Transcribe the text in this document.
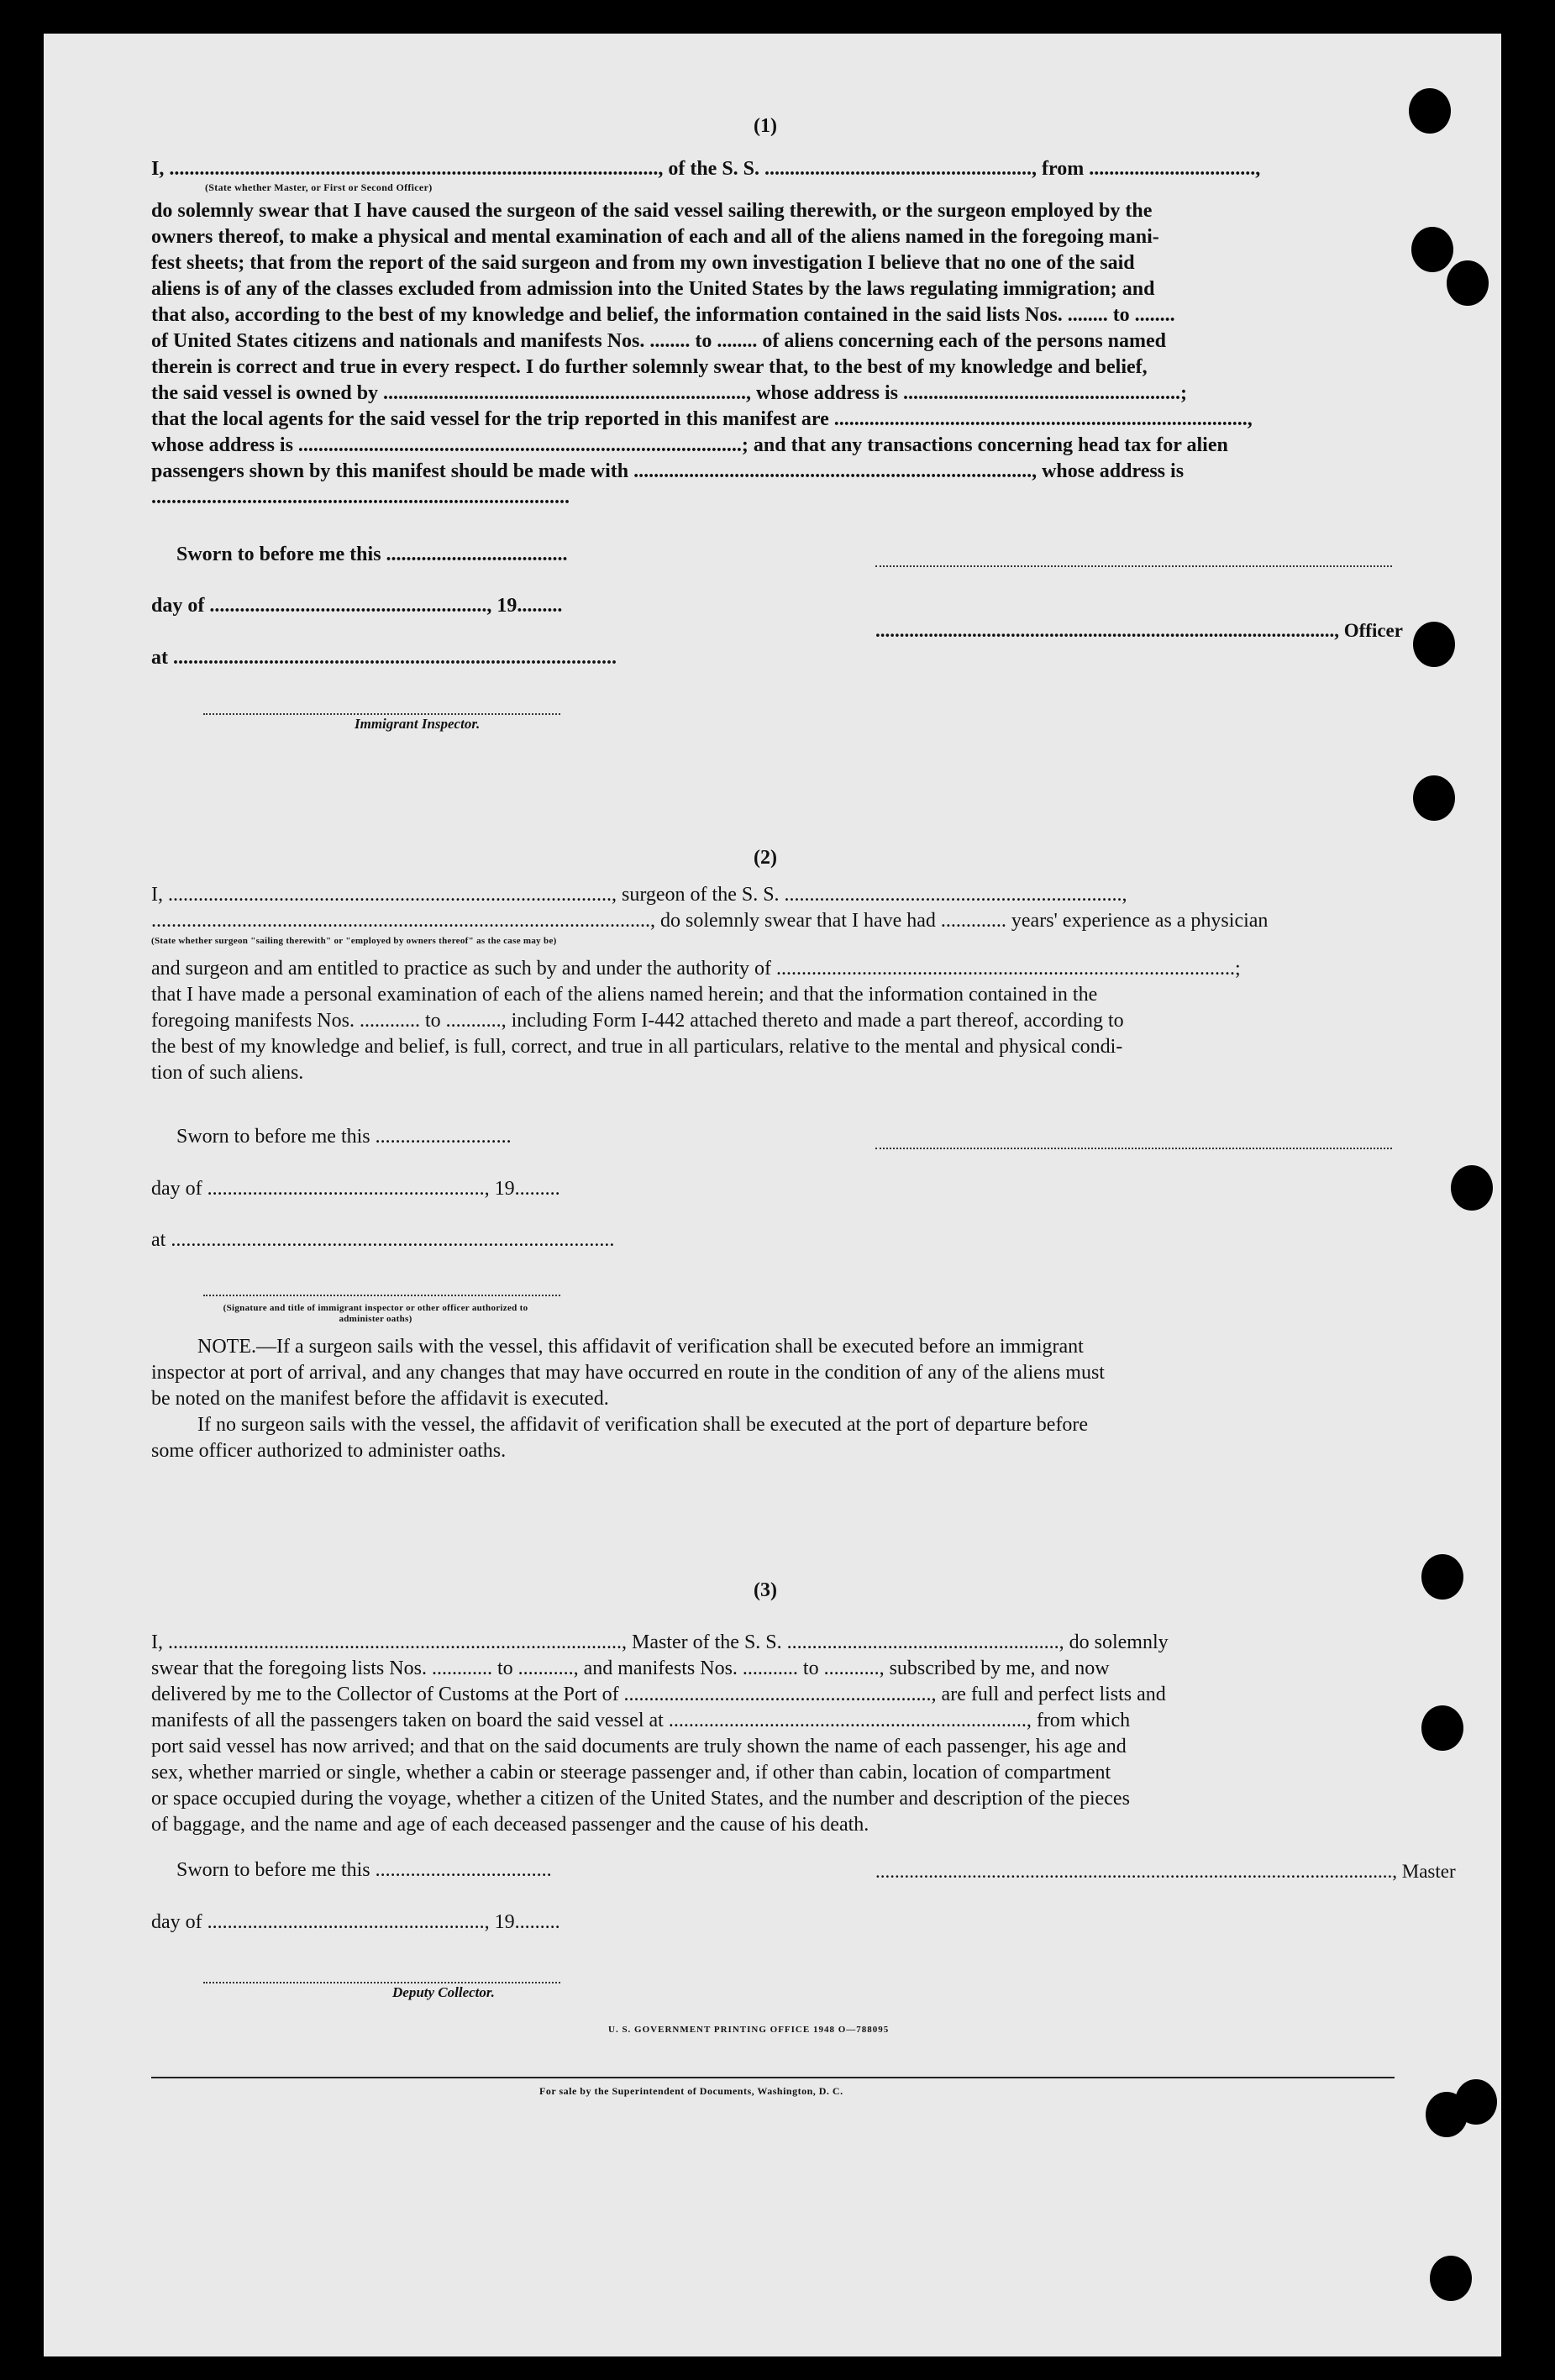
(1)

I, ................................................................................................., of the S. S. ....................................................., from .................................,

(State whether Master, or First or Second Officer)

do solemnly swear that I have caused the surgeon of the said vessel sailing therewith, or the surgeon employed by the

owners thereof, to make a physical and mental examination of each and all of the aliens named in the foregoing mani-

fest sheets; that from the report of the said surgeon and from my own investigation I believe that no one of the said

aliens is of any of the classes excluded from admission into the United States by the laws regulating immigration; and

that also, according to the best of my knowledge and belief, the information contained in the said lists Nos. ........ to ........

of United States citizens and nationals and manifests Nos. ........ to ........ of aliens concerning each of the persons named

therein is correct and true in every respect. I do further solemnly swear that, to the best of my knowledge and belief,

the said vessel is owned by ........................................................................, whose address is .......................................................;

that the local agents for the said vessel for the trip reported in this manifest are ..................................................................................,

whose address is ........................................................................................; and that any transactions concerning head tax for alien

passengers shown by this manifest should be made with ..............................................................................., whose address is

...................................................................................

Sworn to before me this ....................................
day of ......................................................., 19.........
at ........................................................................................
..............................................................................................., Officer
Immigrant Inspector.
(2)

I, ........................................................................................, surgeon of the S. S. ...................................................................,

..................................................................................................., do solemnly swear that I have had ............. years' experience as a physician

(State whether surgeon "sailing therewith" or "employed by owners thereof" as the case may be)

and surgeon and am entitled to practice as such by and under the authority of ...........................................................................................;

that I have made a personal examination of each of the aliens named herein; and that the information contained in the

foregoing manifests Nos. ............ to ..........., including Form I-442 attached thereto and made a part thereof, according to

the best of my knowledge and belief, is full, correct, and true in all particulars, relative to the mental and physical condi-

tion of such aliens.

Sworn to before me this ...........................
day of ......................................................., 19.........
at ........................................................................................
(Signature and title of immigrant inspector or other officer authorized to administer oaths)

NOTE.—If a surgeon sails with the vessel, this affidavit of verification shall be executed before an immigrant

inspector at port of arrival, and any changes that may have occurred en route in the condition of any of the aliens must

be noted on the manifest before the affidavit is executed.

If no surgeon sails with the vessel, the affidavit of verification shall be executed at the port of departure before

some officer authorized to administer oaths.

(3)

I, .........................................................................................., Master of the S. S. ......................................................, do solemnly

swear that the foregoing lists Nos. ............ to ..........., and manifests Nos. ........... to ..........., subscribed by me, and now

delivered by me to the Collector of Customs at the Port of ............................................................., are full and perfect lists and

manifests of all the passengers taken on board the said vessel at ......................................................................., from which

port said vessel has now arrived; and that on the said documents are truly shown the name of each passenger, his age and

sex, whether married or single, whether a cabin or steerage passenger and, if other than cabin, location of compartment

or space occupied during the voyage, whether a citizen of the United States, and the number and description of the pieces

of baggage, and the name and age of each deceased passenger and the cause of his death.

Sworn to before me this ...................................
day of ......................................................., 19.........
..........................................................................................................., Master
Deputy Collector.
U. S. GOVERNMENT PRINTING OFFICE 1948 O—788095
For sale by the Superintendent of Documents, Washington, D. C.
